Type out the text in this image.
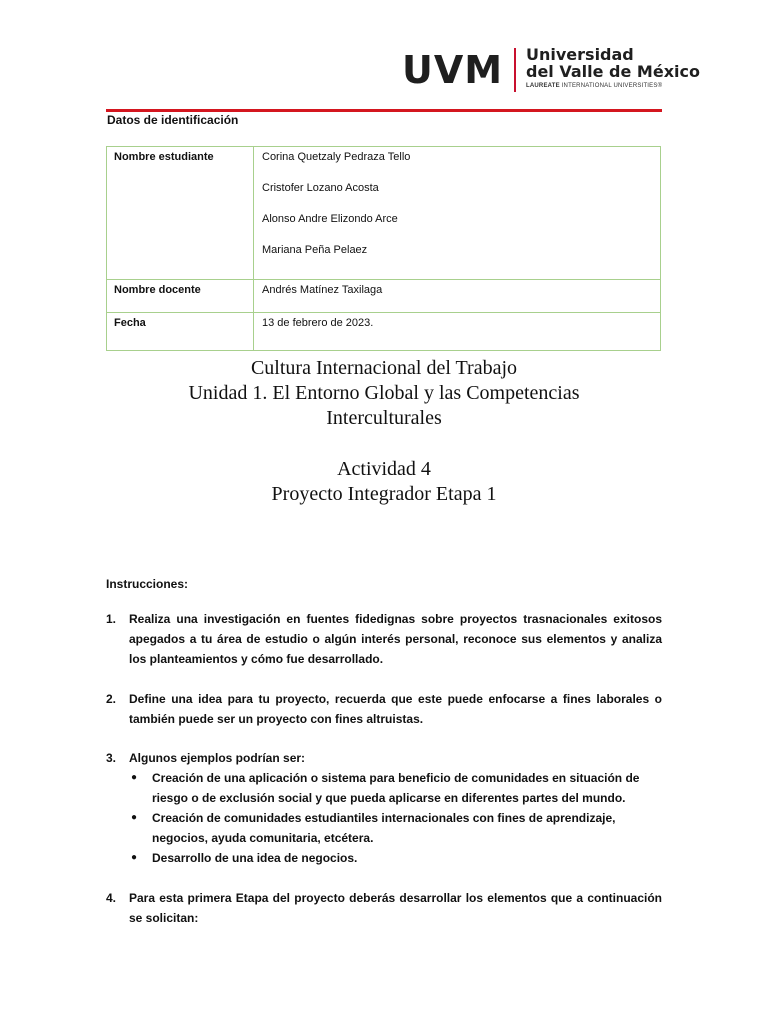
UVM Universidad
del Valle de México
LAUREATE INTERNATIONAL UNIVERSITIES®
Datos de identificación
Nombre estudiante	Corina Quetzaly Pedraza Tello
Cristofer Lozano Acosta
Alonso Andre Elizondo Arce
Mariana Peña Pelaez

Nombre docente	Andrés Matínez Taxilaga
Fecha	13 de febrero de 2023.
Cultura Internacional del Trabajo
Unidad 1. El Entorno Global y las Competencias
Interculturales
Actividad 4
Proyecto Integrador Etapa 1
Instrucciones:
1. Realiza una investigación en fuentes fidedignas sobre proyectos trasnacionales exitosos apegados a tu área de estudio o algún interés personal, reconoce sus elementos y analiza los planteamientos y cómo fue desarrollado.
2. Define una idea para tu proyecto, recuerda que este puede enfocarse a fines laborales o también puede ser un proyecto con fines altruistas.
3. Algunos ejemplos podrían ser:
● Creación de una aplicación o sistema para beneficio de comunidades en situación de riesgo o de exclusión social y que pueda aplicarse en diferentes partes del mundo.
● Creación de comunidades estudiantiles internacionales con fines de aprendizaje, negocios, ayuda comunitaria, etcétera.
● Desarrollo de una idea de negocios.
4. Para esta primera Etapa del proyecto deberás desarrollar los elementos que a continuación se solicitan:
